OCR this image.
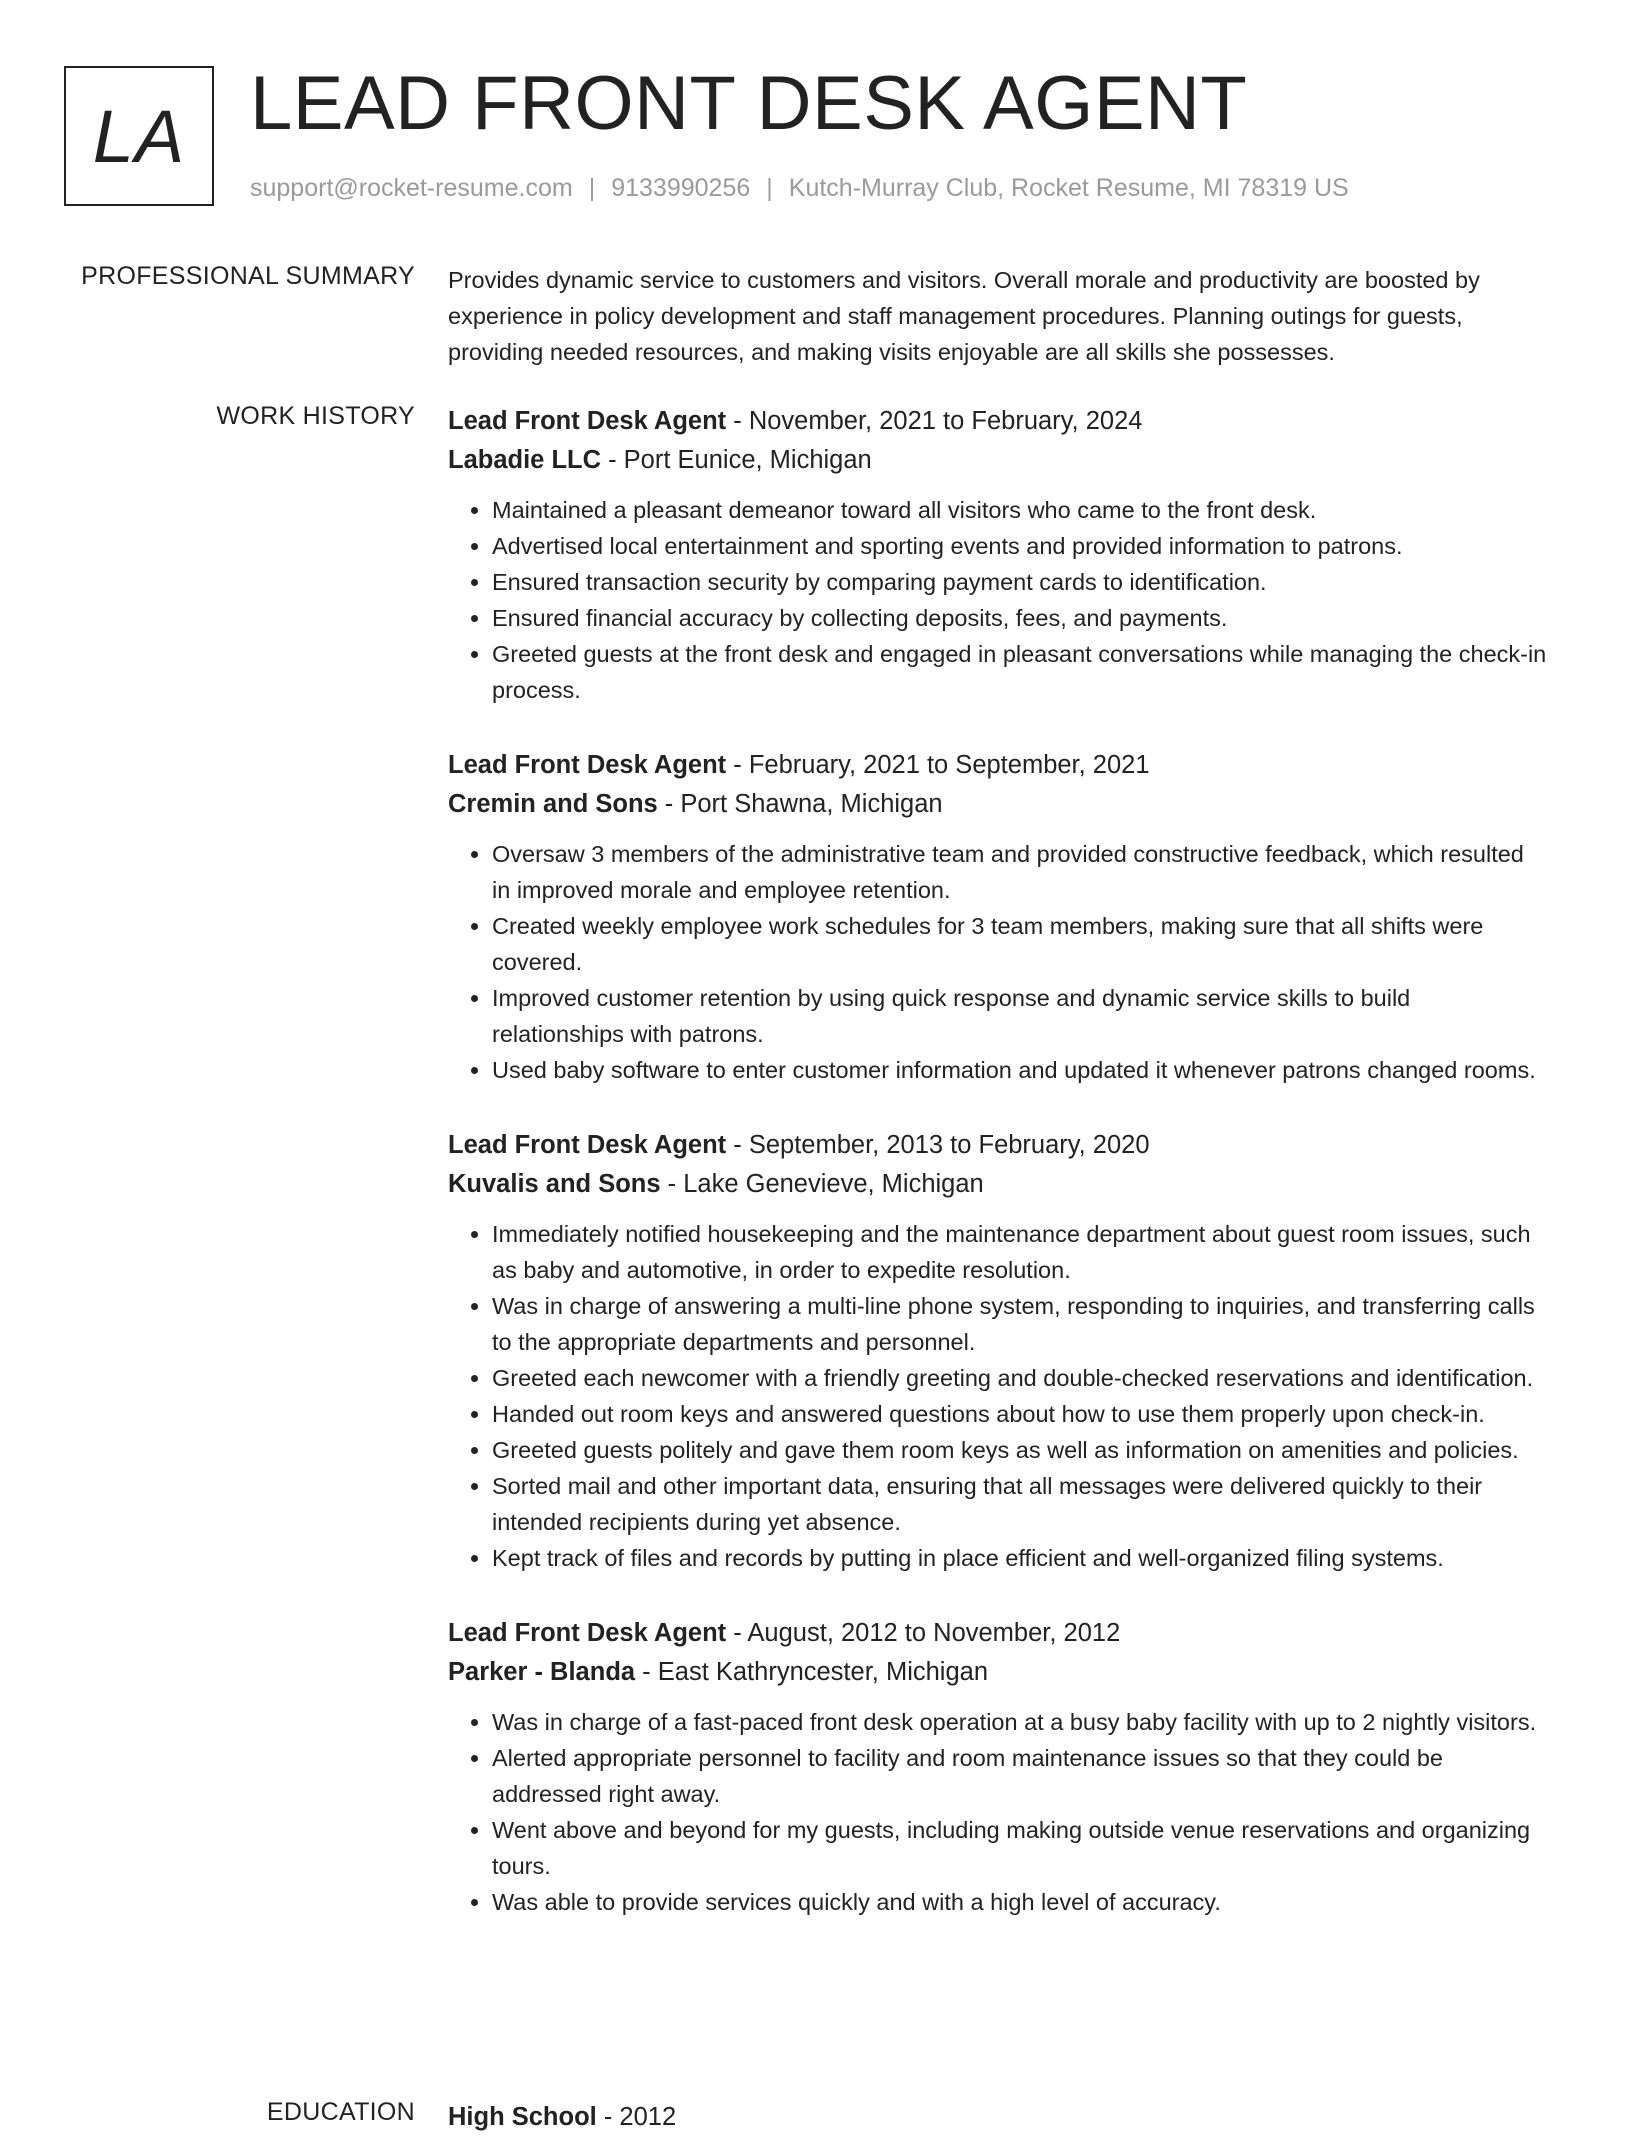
LA LEAD FRONT DESK AGENT
support@rocket-resume.com | 9133990256 | Kutch-Murray Club, Rocket Resume, MI 78319 US
PROFESSIONAL SUMMARY Provides dynamic service to customers and visitors. Overall morale and productivity are boosted by experience in policy development and staff management procedures. Planning outings for guests, providing needed resources, and making visits enjoyable are all skills she possesses.

WORK HISTORY Lead Front Desk Agent - November, 2021 to February, 2024
Labadie LLC - Port Eunice, Michigan
• Maintained a pleasant demeanor toward all visitors who came to the front desk.
• Advertised local entertainment and sporting events and provided information to patrons.
• Ensured transaction security by comparing payment cards to identification.
• Ensured financial accuracy by collecting deposits, fees, and payments.
• Greeted guests at the front desk and engaged in pleasant conversations while managing the check-in process.
Lead Front Desk Agent - February, 2021 to September, 2021
Cremin and Sons - Port Shawna, Michigan
• Oversaw 3 members of the administrative team and provided constructive feedback, which resulted in improved morale and employee retention.
• Created weekly employee work schedules for 3 team members, making sure that all shifts were covered.
• Improved customer retention by using quick response and dynamic service skills to build relationships with patrons.
• Used baby software to enter customer information and updated it whenever patrons changed rooms.
Lead Front Desk Agent - September, 2013 to February, 2020
Kuvalis and Sons - Lake Genevieve, Michigan
• Immediately notified housekeeping and the maintenance department about guest room issues, such as baby and automotive, in order to expedite resolution.
• Was in charge of answering a multi-line phone system, responding to inquiries, and transferring calls to the appropriate departments and personnel.
• Greeted each newcomer with a friendly greeting and double-checked reservations and identification.
• Handed out room keys and answered questions about how to use them properly upon check-in.
• Greeted guests politely and gave them room keys as well as information on amenities and policies.
• Sorted mail and other important data, ensuring that all messages were delivered quickly to their intended recipients during yet absence.
• Kept track of files and records by putting in place efficient and well-organized filing systems.
Lead Front Desk Agent - August, 2012 to November, 2012
Parker - Blanda - East Kathryncester, Michigan
• Was in charge of a fast-paced front desk operation at a busy baby facility with up to 2 nightly visitors.
• Alerted appropriate personnel to facility and room maintenance issues so that they could be addressed right away.
• Went above and beyond for my guests, including making outside venue reservations and organizing tours.
• Was able to provide services quickly and with a high level of accuracy.
EDUCATION High School - 2012
